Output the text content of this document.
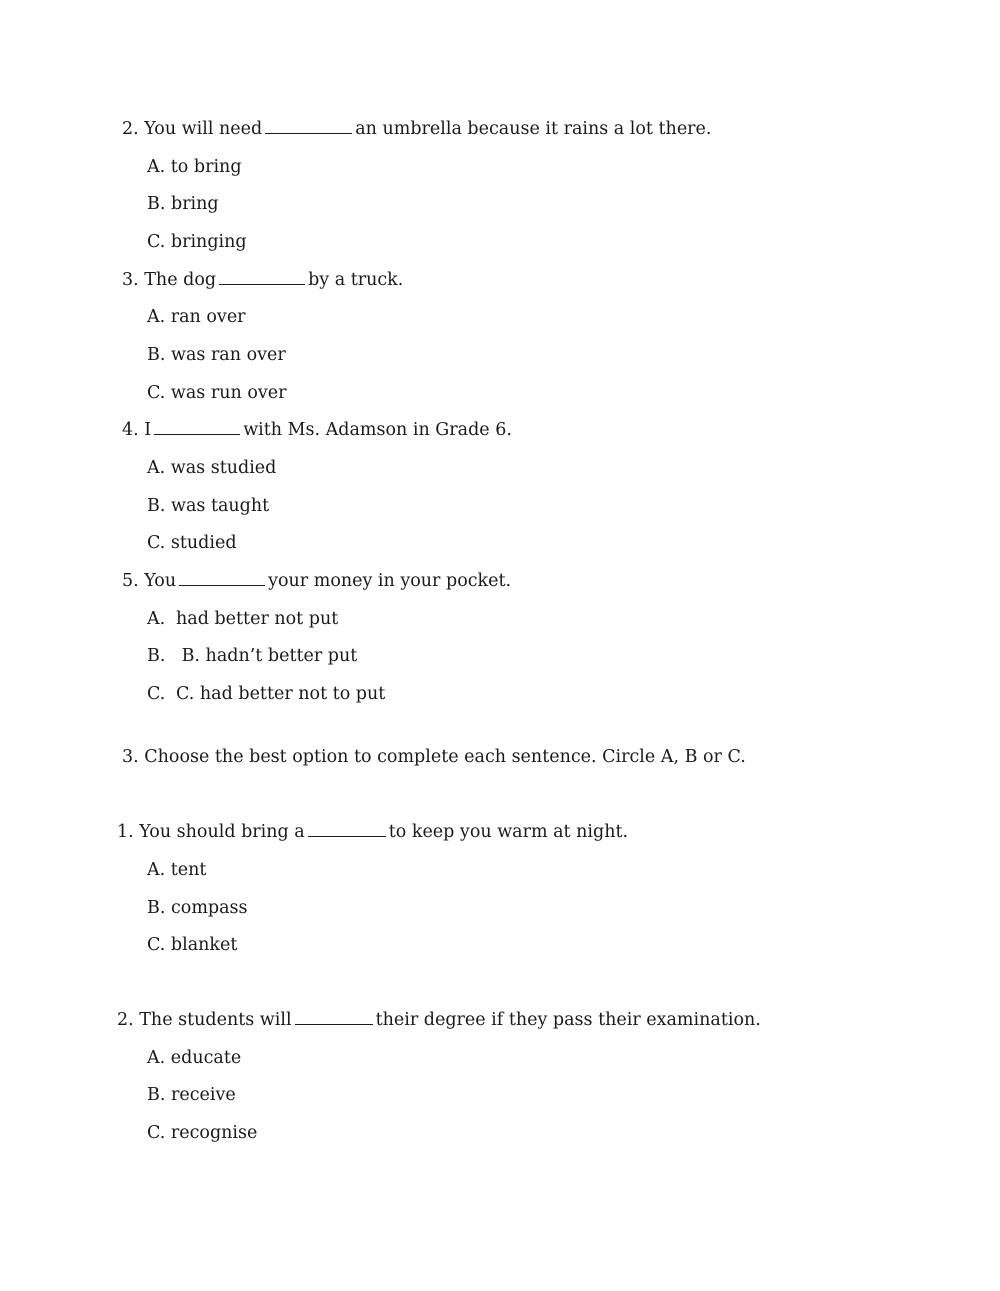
2. You will need	an umbrella because it rains a lot there.
A. to bring
B. bring
C. bringing
3. The dog	by a truck.
A. ran over
B. was ran over
C. was run over
4. I	with Ms. Adamson in Grade 6.
A. was studied
B. was taught
C. studied
5. You	your money in your pocket.
A. had better not put
B. B. hadn’t better put
C. C. had better not to put
3. Choose the best option to complete each sentence. Circle A, B or C.
1. You should bring a	to keep you warm at night.
A. tent
B. compass
C. blanket
2. The students will	their degree if they pass their examination.
A. educate
B. receive
C. recognise
